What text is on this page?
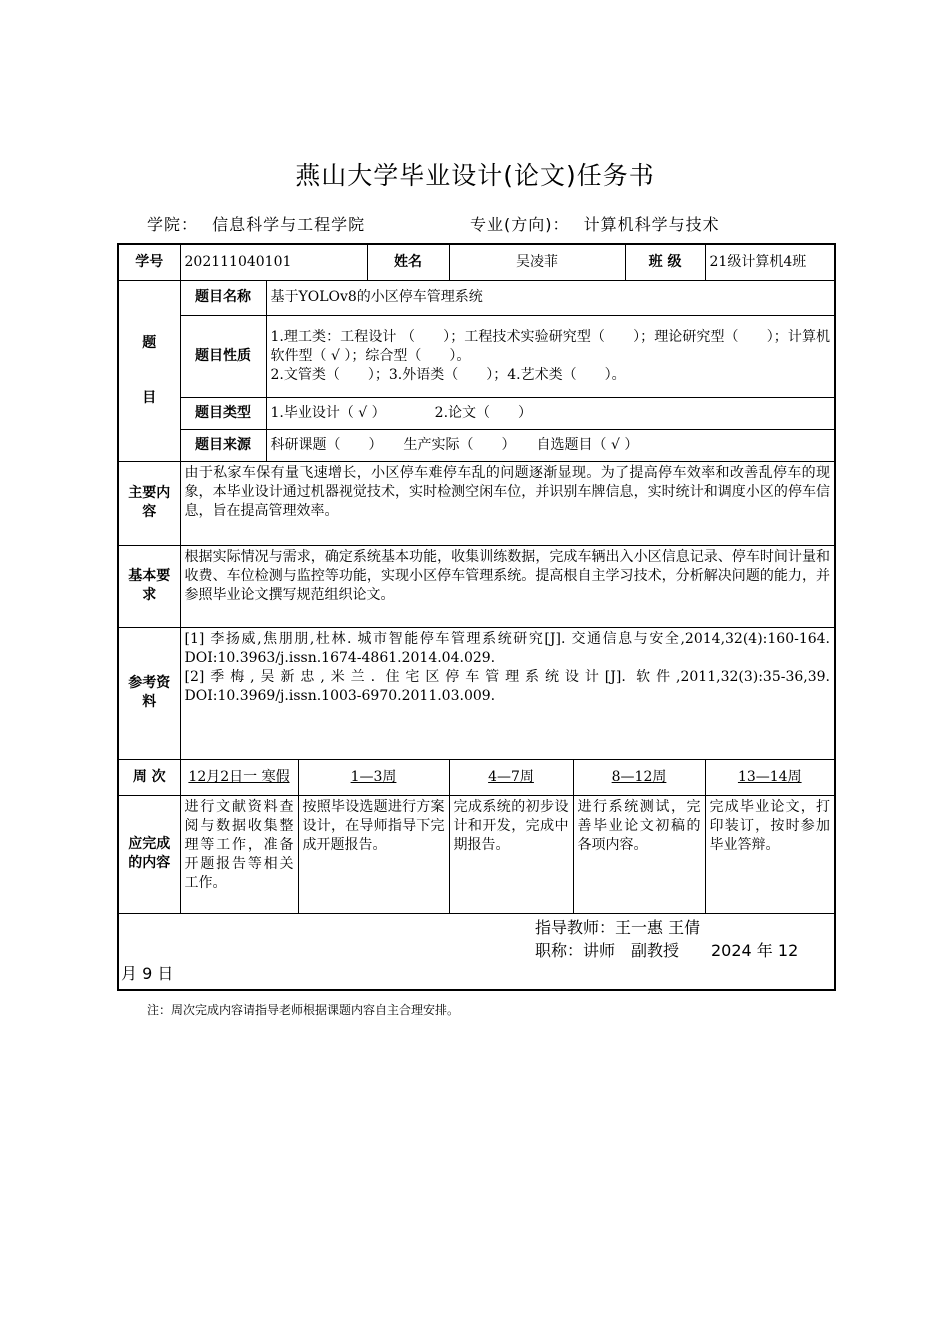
燕山大学毕业设计(论文)任务书
学院： 信息科学与工程学院	专业(方向)： 计算机科学与技术
学号	202111040101			姓名	吴凌菲		班 级	21级计算机4班

题
目	题目名称	基于YOLOv8的小区停车管理系统						
	题目性质	1.理工类：工程设计 （　　）；工程技术实验研究型（　　）；理论研究型（　　）；计算机软件型（ √ ）；综合型（　　）。
2.文管类（　　）；3.外语类（　　）；4.艺术类（　　）。						

	题目类型	1.毕业设计（ √ ）　　　　2.论文（　　）						
	题目来源	科研课题（　　）　　生产实际（　　）　　自选题目（ √ ）						
主要内容	由于私家车保有量飞速增长，小区停车难停车乱的问题逐渐显现。为了提高停车效率和改善乱停车的现象，本毕业设计通过机器视觉技术，实时检测空闲车位，并识别车牌信息，实时统计和调度小区的停车信息，旨在提高管理效率。							
基本要求	根据实际情况与需求，确定系统基本功能，收集训练数据，完成车辆出入小区信息记录、停车时间计量和收费、车位检测与监控等功能，实现小区停车管理系统。提高根自主学习技术，分析解决问题的能力，并参照毕业论文撰写规范组织论文。							
参考资料	[1] 李扬威,焦朋朋,杜林. 城市智能停车管理系统研究[J]. 交通信息与安全,2014,32(4):160-164. DOI:10.3963/j.issn.1674-4861.2014.04.029.
[2]季梅,吴新忠,米兰. 住宅区停车管理系统设计[J]. 软件,2011,32(3):35-36,39. DOI:10.3969/j.issn.1003-6970.2011.03.009.							

周 次	12月2日一 寒假		1—3周		4—7周	8—12周		13—14周
应完成的内容	进行文献资料查阅与数据收集整理等工作，准备开题报告等相关工作。		按照毕设选题进行方案设计，在导师指导下完成开题报告。		完成系统的初步设计和开发，完成中期报告。	进行系统测试，完善毕业论文初稿的各项内容。		完成毕业论文，打印装订，按时参加毕业答辩。

指导教师：王一惠 王倩
职称：讲师　副教授　　2024 年 12
月 9 日								
注：周次完成内容请指导老师根据课题内容自主合理安排。
